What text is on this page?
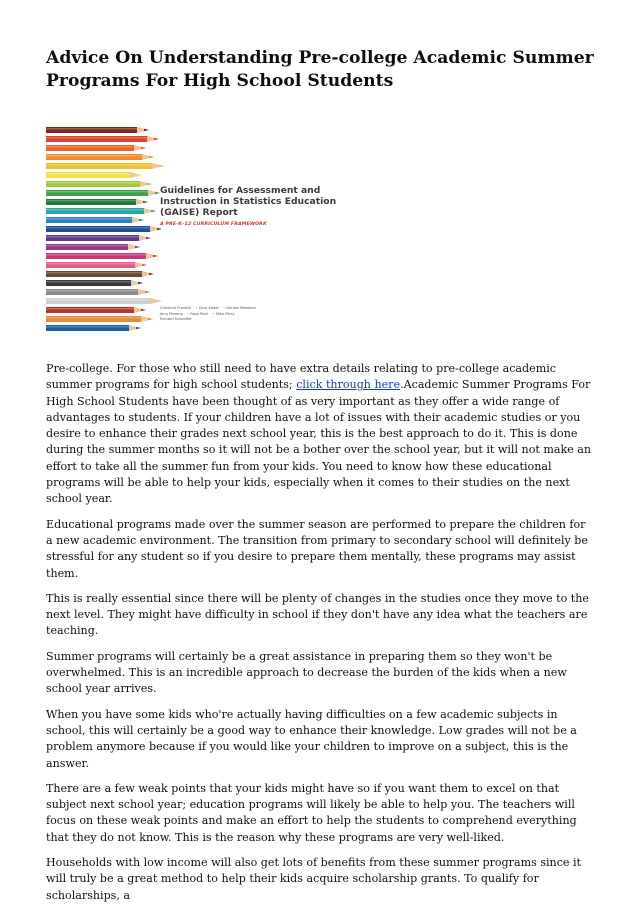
Advice On Understanding Pre-college Academic Summer Programs For High School Students
Guidelines for Assessment and Instruction in Statistics Education (GAISE) Report
A PRE-K–12 CURRICULUM FRAMEWORK
Christine Franklin • Gary Kader • Denise Mewborn
Jerry Moreno • Roxy Peck • Mike Perry
Richard Scheaffer

Pre-college. For those who still need to have extra details relating to pre-college academic summer programs for high school students; click through here.Academic Summer Programs For High School Students have been thought of as very important as they offer a wide range of advantages to students. If your children have a lot of issues with their academic studies or you desire to enhance their grades next school year, this is the best approach to do it. This is done during the summer months so it will not be a bother over the school year, but it will not make an effort to take all the summer fun from your kids. You need to know how these educational programs will be able to help your kids, especially when it comes to their studies on the next school year.

Educational programs made over the summer season are performed to prepare the children for a new academic environment. The transition from primary to secondary school will definitely be stressful for any student so if you desire to prepare them mentally, these programs may assist them.

This is really essential since there will be plenty of changes in the studies once they move to the next level. They might have difficulty in school if they don't have any idea what the teachers are teaching.

Summer programs will certainly be a great assistance in preparing them so they won't be overwhelmed. This is an incredible approach to decrease the burden of the kids when a new school year arrives.

When you have some kids who're actually having difficulties on a few academic subjects in school, this will certainly be a good way to enhance their knowledge. Low grades will not be a problem anymore because if you would like your children to improve on a subject, this is the answer.

There are a few weak points that your kids might have so if you want them to excel on that subject next school year; education programs will likely be able to help you. The teachers will focus on these weak points and make an effort to help the students to comprehend everything that they do not know. This is the reason why these programs are very well-liked.

Households with low income will also get lots of benefits from these summer programs since it will truly be a great method to help their kids acquire scholarship grants. To qualify for scholarships, a
